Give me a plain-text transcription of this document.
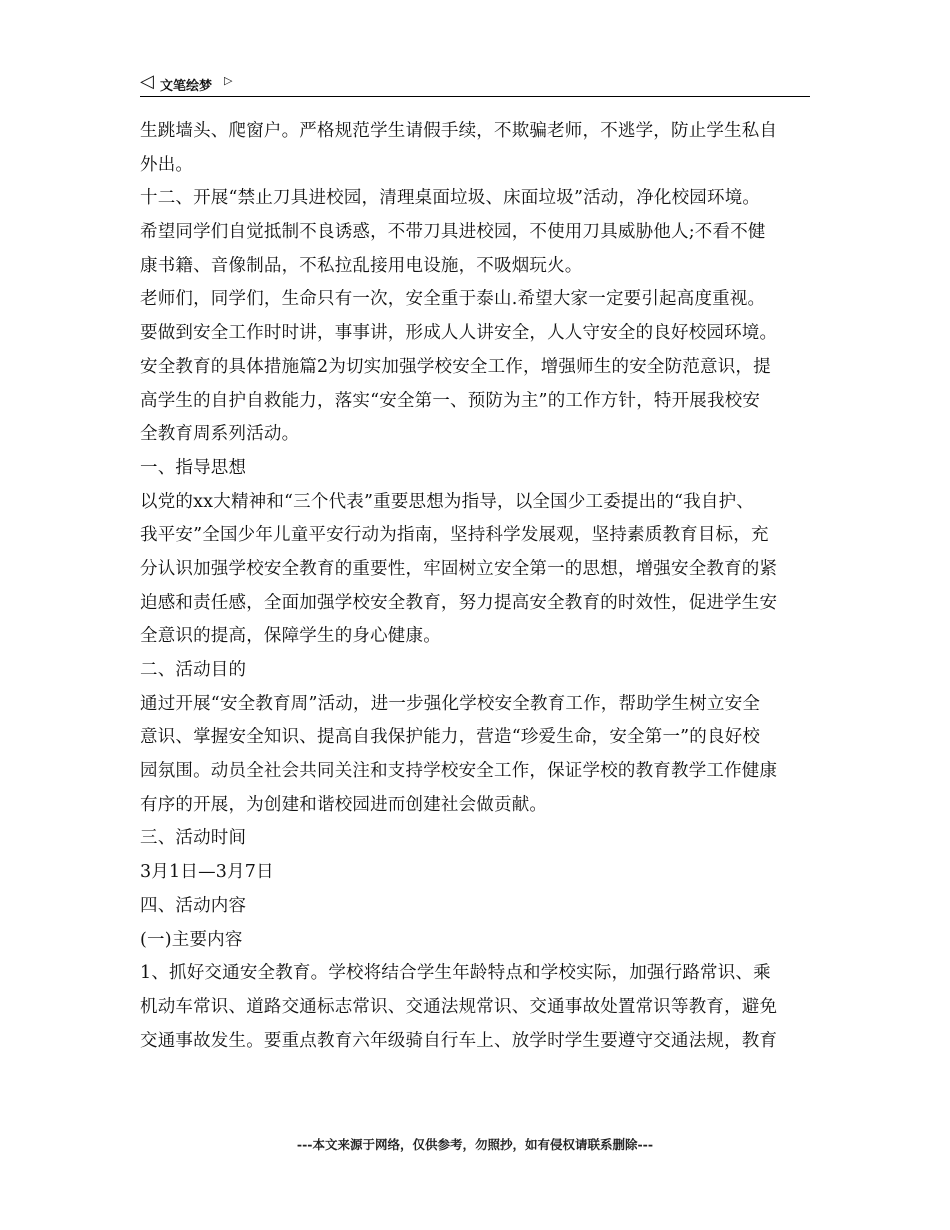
◁ 文笔绘梦 ▷
生跳墙头、爬窗户。严格规范学生请假手续，不欺骗老师，不逃学，防止学生私自
外出。
十二、开展“禁止刀具进校园，清理桌面垃圾、床面垃圾”活动，净化校园环境。
希望同学们自觉抵制不良诱惑，不带刀具进校园，不使用刀具威胁他人;不看不健
康书籍、音像制品，不私拉乱接用电设施，不吸烟玩火。
老师们，同学们，生命只有一次，安全重于泰山.希望大家一定要引起高度重视。
要做到安全工作时时讲，事事讲，形成人人讲安全，人人守安全的良好校园环境。
安全教育的具体措施篇2为切实加强学校安全工作，增强师生的安全防范意识，提
高学生的自护自救能力，落实“安全第一、预防为主”的工作方针，特开展我校安
全教育周系列活动。
一、指导思想
以党的xx大精神和“三个代表”重要思想为指导，以全国少工委提出的“我自护、
我平安”全国少年儿童平安行动为指南，坚持科学发展观，坚持素质教育目标，充
分认识加强学校安全教育的重要性，牢固树立安全第一的思想，增强安全教育的紧
迫感和责任感，全面加强学校安全教育，努力提高安全教育的时效性，促进学生安
全意识的提高，保障学生的身心健康。
二、活动目的
通过开展“安全教育周”活动，进一步强化学校安全教育工作，帮助学生树立安全
意识、掌握安全知识、提高自我保护能力，营造“珍爱生命，安全第一”的良好校
园氛围。动员全社会共同关注和支持学校安全工作，保证学校的教育教学工作健康
有序的开展，为创建和谐校园进而创建社会做贡献。
三、活动时间
3月1日—3月7日
四、活动内容
(一)主要内容
1、抓好交通安全教育。学校将结合学生年龄特点和学校实际，加强行路常识、乘
机动车常识、道路交通标志常识、交通法规常识、交通事故处置常识等教育，避免
交通事故发生。要重点教育六年级骑自行车上、放学时学生要遵守交通法规，教育
---本文来源于网络，仅供参考，勿照抄，如有侵权请联系删除---
